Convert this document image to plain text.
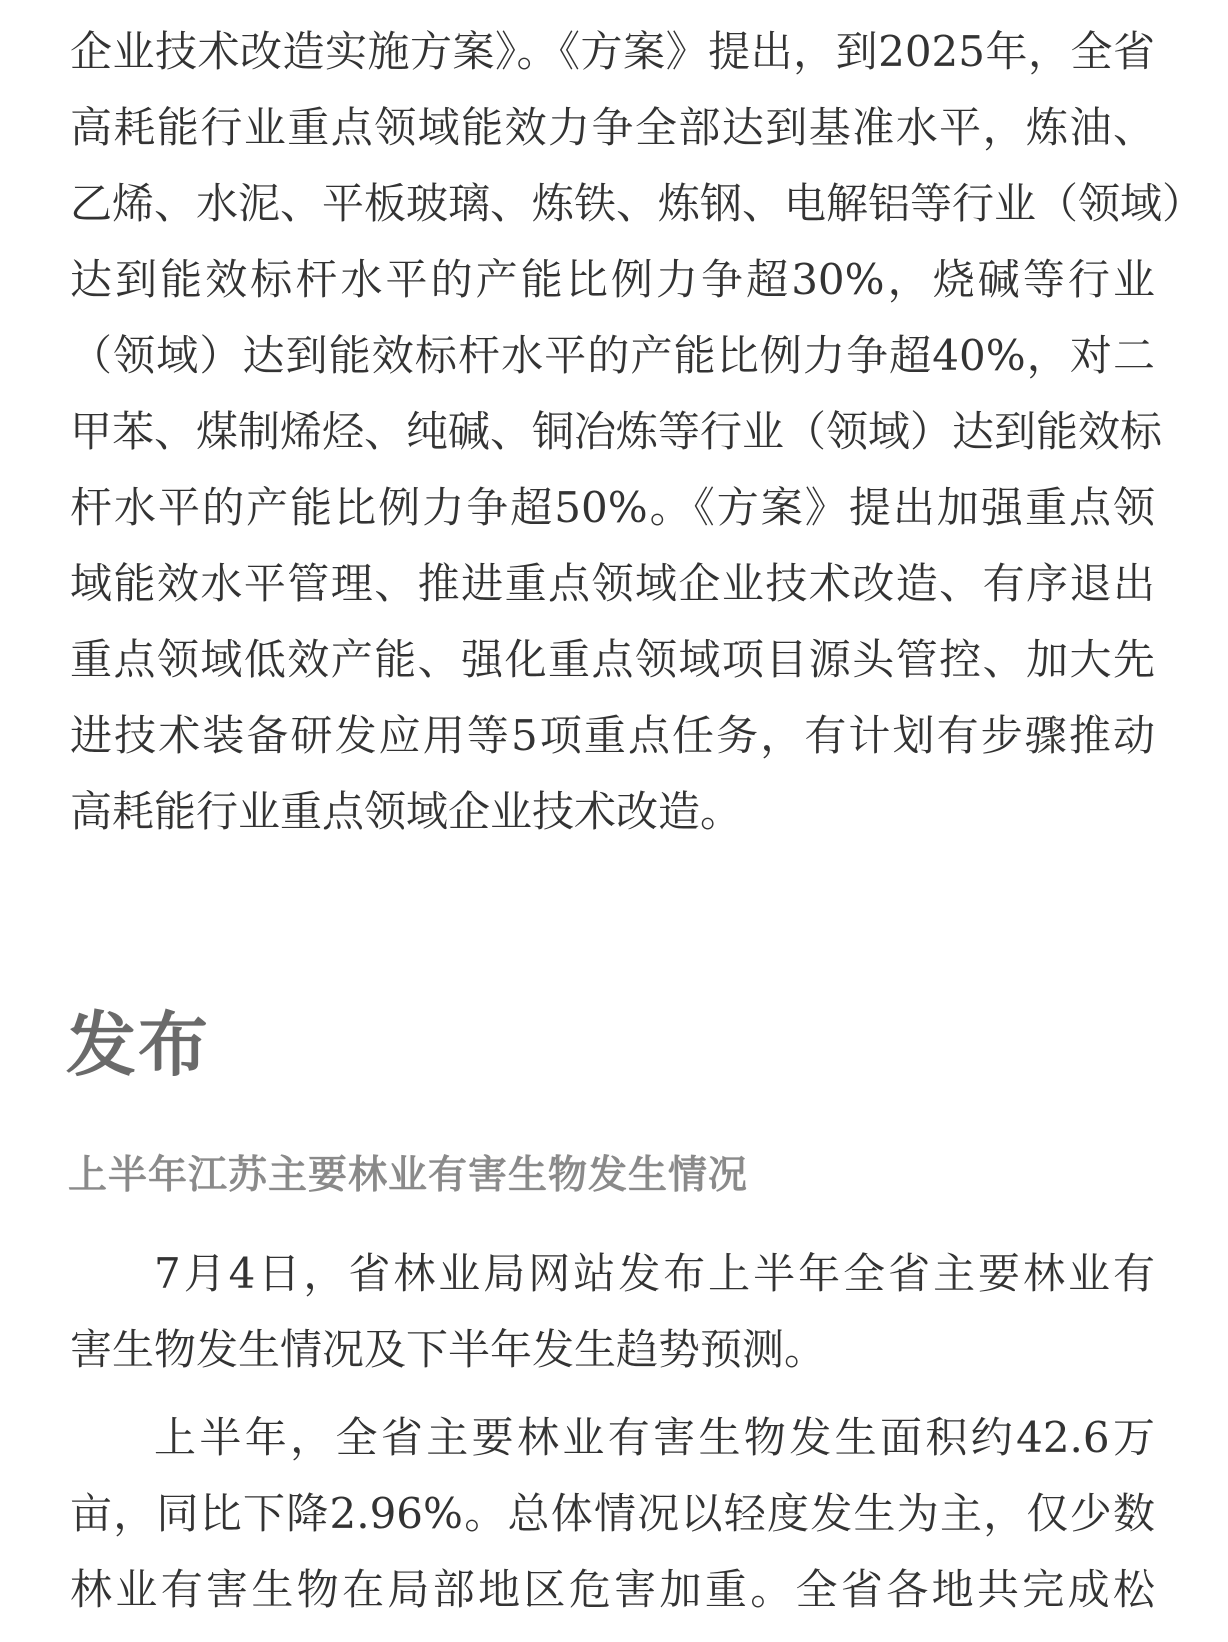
企业技术改造实施方案》。《方案》提出，到2025年，全省
高耗能行业重点领域能效力争全部达到基准水平，炼油、
乙烯、水泥、平板玻璃、炼铁、炼钢、电解铝等行业（领域）
达到能效标杆水平的产能比例力争超30%，烧碱等行业
（领域）达到能效标杆水平的产能比例力争超40%，对二
甲苯、煤制烯烃、纯碱、铜冶炼等行业（领域）达到能效标
杆水平的产能比例力争超50%。《方案》提出加强重点领
域能效水平管理、推进重点领域企业技术改造、有序退出
重点领域低效产能、强化重点领域项目源头管控、加大先
进技术装备研发应用等5项重点任务，有计划有步骤推动
高耗能行业重点领域企业技术改造。
发布
上半年江苏主要林业有害生物发生情况
7月4日，省林业局网站发布上半年全省主要林业有
害生物发生情况及下半年发生趋势预测。
上半年，全省主要林业有害生物发生面积约42.6万
亩，同比下降2.96%。总体情况以轻度发生为主，仅少数
林业有害生物在局部地区危害加重。全省各地共完成松
